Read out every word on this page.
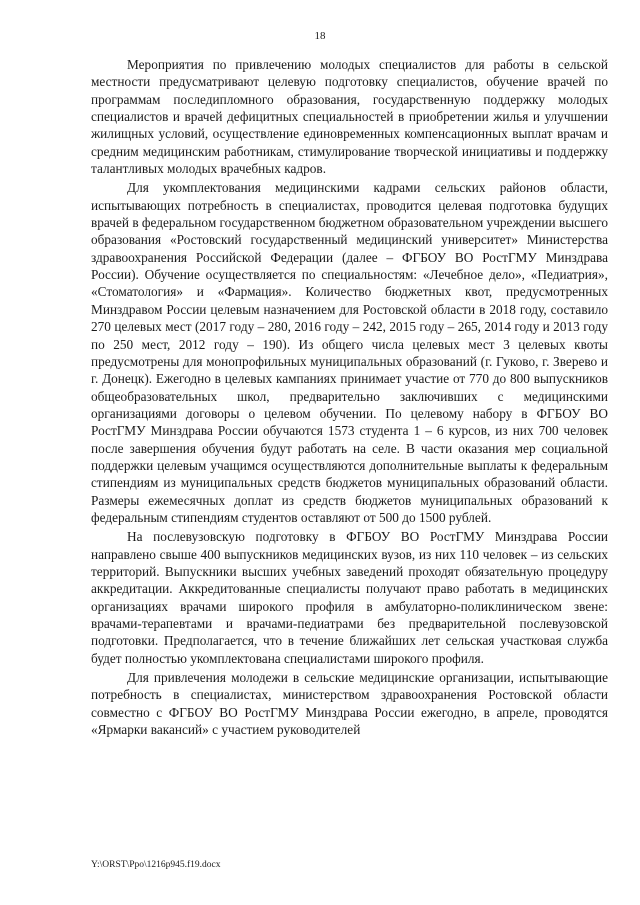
18

Мероприятия по привлечению молодых специалистов для работы в сельской местности предусматривают целевую подготовку специалистов, обучение врачей по программам последипломного образования, государственную поддержку молодых специалистов и врачей дефицитных специальностей в приобретении жилья и улучшении жилищных условий, осуществление единовременных компенсационных выплат врачам и средним медицинским работникам, стимулирование творческой инициативы и поддержку талантливых молодых врачебных кадров.

Для укомплектования медицинскими кадрами сельских районов области, испытывающих потребность в специалистах, проводится целевая подготовка будущих врачей в федеральном государственном бюджетном образовательном учреждении высшего образования «Ростовский государственный медицинский университет» Министерства здравоохранения Российской Федерации (далее – ФГБОУ ВО РостГМУ Минздрава России). Обучение осуществляется по специальностям: «Лечебное дело», «Педиатрия», «Стоматология» и «Фармация». Количество бюджетных квот, предусмотренных Минздравом России целевым назначением для Ростовской области в 2018 году, составило 270 целевых мест (2017 году – 280, 2016 году – 242, 2015 году – 265, 2014 году и 2013 году по 250 мест, 2012 году – 190). Из общего числа целевых мест 3 целевых квоты предусмотрены для монопрофильных муниципальных образований (г. Гуково, г. Зверево и г. Донецк). Ежегодно в целевых кампаниях принимает участие от 770 до 800 выпускников общеобразовательных школ, предварительно заключивших с медицинскими организациями договоры о целевом обучении. По целевому набору в ФГБОУ ВО РостГМУ Минздрава России обучаются 1573 студента 1 – 6 курсов, из них 700 человек после завершения обучения будут работать на селе. В части оказания мер социальной поддержки целевым учащимся осуществляются дополнительные выплаты к федеральным стипендиям из муниципальных средств бюджетов муниципальных образований области. Размеры ежемесячных доплат из средств бюджетов муниципальных образований к федеральным стипендиям студентов оставляют от 500 до 1500 рублей.

На послевузовскую подготовку в ФГБОУ ВО РостГМУ Минздрава России направлено свыше 400 выпускников медицинских вузов, из них 110 человек – из сельских территорий. Выпускники высших учебных заведений проходят обязательную процедуру аккредитации. Аккредитованные специалисты получают право работать в медицинских организациях врачами широкого профиля в амбулаторно-поликлиническом звене: врачами-терапевтами и врачами-педиатрами без предварительной послевузовской подготовки. Предполагается, что в течение ближайших лет сельская участковая служба будет полностью укомплектована специалистами широкого профиля.

Для привлечения молодежи в сельские медицинские организации, испытывающие потребность в специалистах, министерством здравоохранения Ростовской области совместно с ФГБОУ ВО РостГМУ Минздрава России ежегодно, в апреле, проводятся «Ярмарки вакансий» с участием руководителей

Y:\ORST\Ppo\1216p945.f19.docx
